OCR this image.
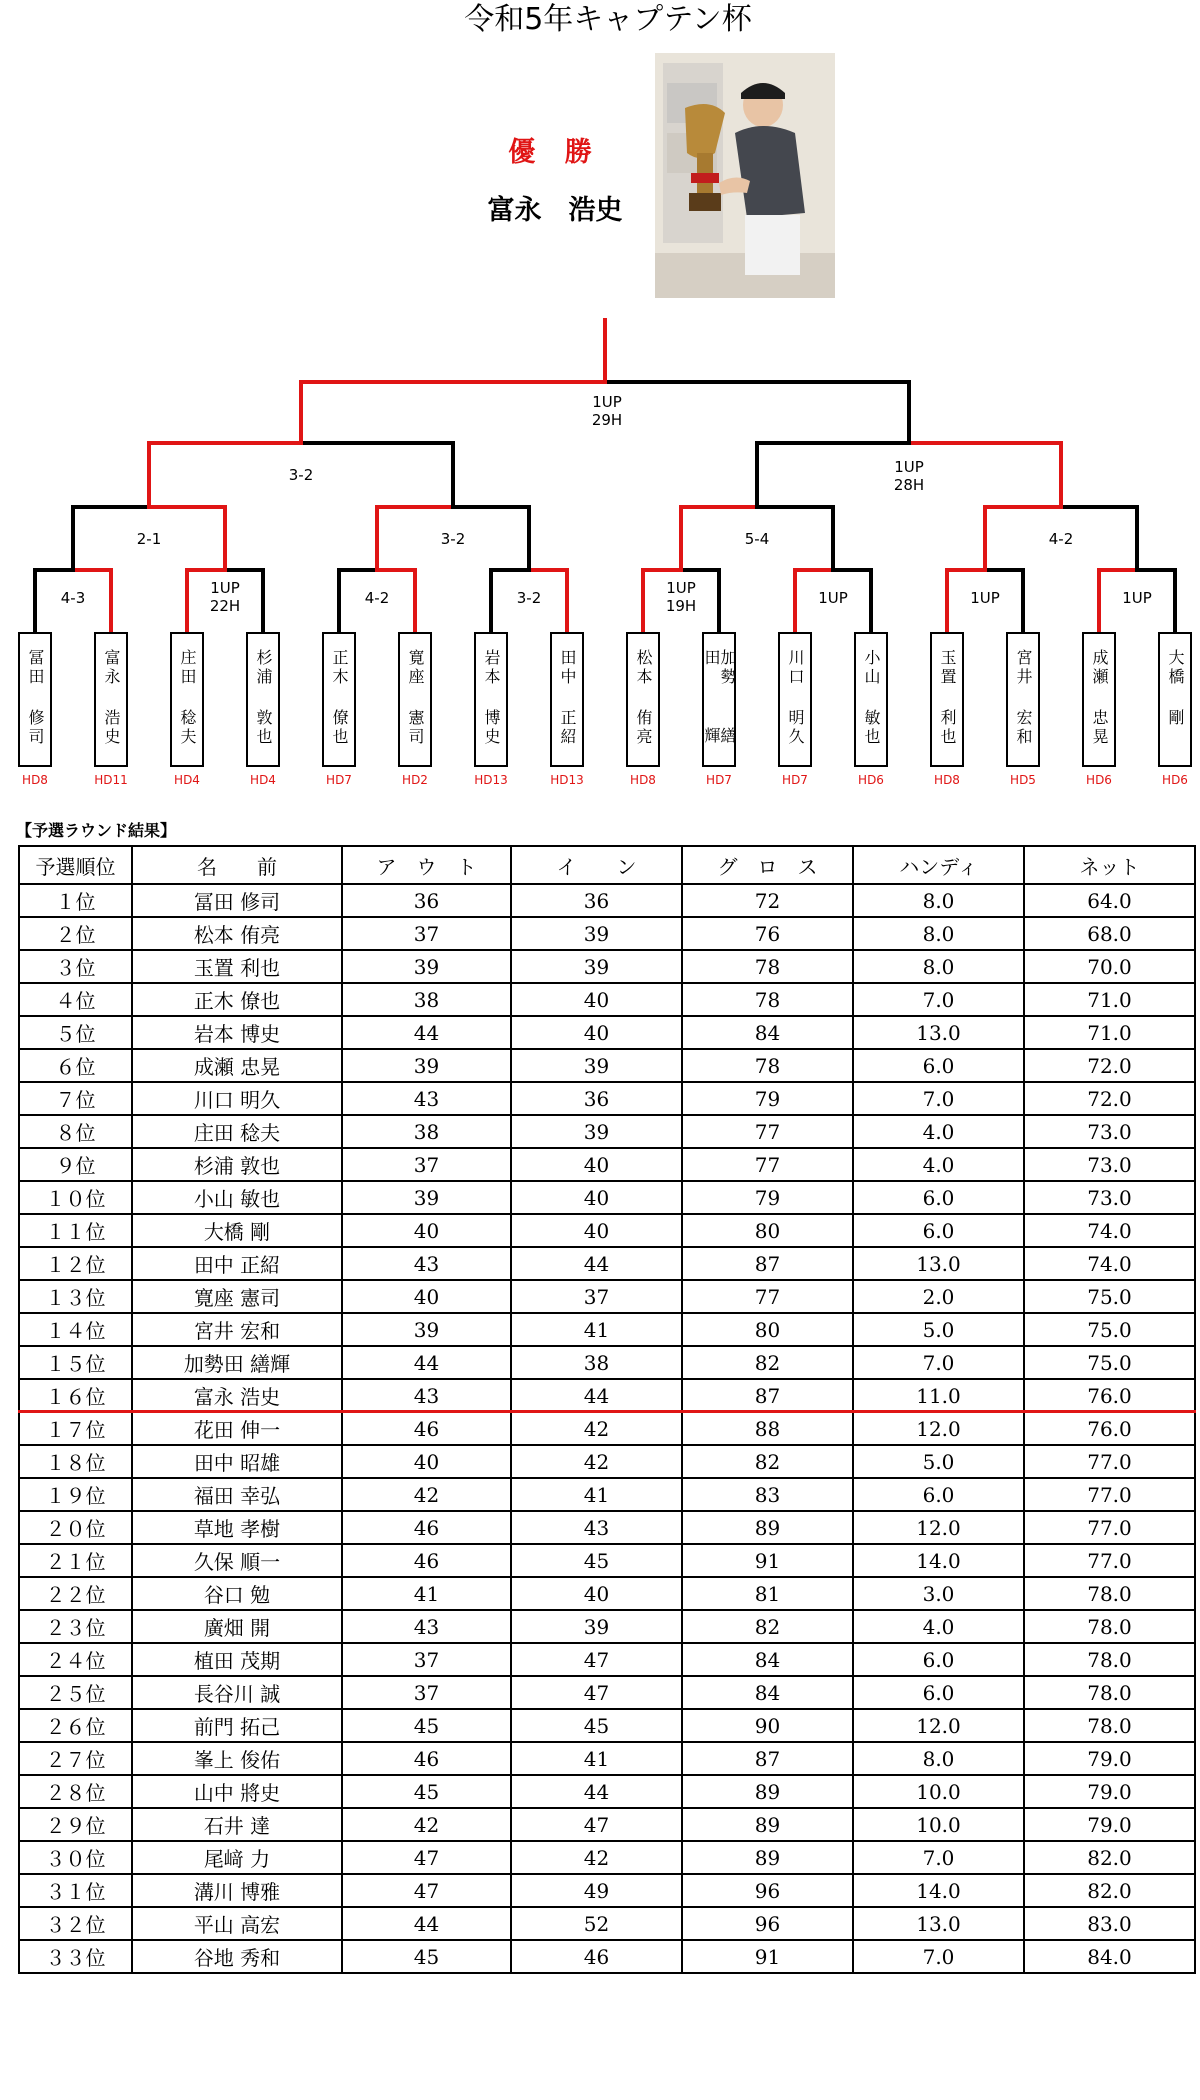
令和5年キャプテン杯
優 勝
富永　浩史
4-3
1UP 22H	4-2	3-2
1UP 19H	1UP	1UP	1UP
2-1	3-2	5-4	4-2
3-2	1UP 28H
1UP 29H
冨田
修司
HD8
富永
浩史
HD11
庄田
稔夫
HD4
杉浦
敦也
HD4
正木
僚也
HD7
寛座
憲司
HD2
岩本
博史
HD13
田中
正紹
HD13
松本
侑亮
HD8
加勢田
繕輝
HD7
川口
明久
HD7
小山
敏也
HD6
玉置
利也
HD8
宮井
宏和
HD5
成瀬
忠晃
HD6
大橋
剛
HD6
【予選ラウンド結果】
予選順位	名　　前	ア　ウ　ト	イ　　ン	グ　ロ　ス	ハンディ	ネット
１位	冨田 修司	36	36	72	8.0	64.0
２位	松本 侑亮	37	39	76	8.0	68.0
３位	玉置 利也	39	39	78	8.0	70.0
４位	正木 僚也	38	40	78	7.0	71.0
５位	岩本 博史	44	40	84	13.0	71.0
６位	成瀬 忠晃	39	39	78	6.0	72.0
７位	川口 明久	43	36	79	7.0	72.0
８位	庄田 稔夫	38	39	77	4.0	73.0
９位	杉浦 敦也	37	40	77	4.0	73.0
１０位	小山 敏也	39	40	79	6.0	73.0
１１位	大橋 剛	40	40	80	6.0	74.0
１２位	田中 正紹	43	44	87	13.0	74.0
１３位	寛座 憲司	40	37	77	2.0	75.0
１４位	宮井 宏和	39	41	80	5.0	75.0
１５位	加勢田 繕輝	44	38	82	7.0	75.0
１６位	富永 浩史	43	44	87	11.0	76.0
１７位	花田 伸一	46	42	88	12.0	76.0
１８位	田中 昭雄	40	42	82	5.0	77.0
１９位	福田 幸弘	42	41	83	6.0	77.0
２０位	草地 孝樹	46	43	89	12.0	77.0
２１位	久保 順一	46	45	91	14.0	77.0
２２位	谷口 勉	41	40	81	3.0	78.0
２３位	廣畑 開	43	39	82	4.0	78.0
２４位	植田 茂期	37	47	84	6.0	78.0
２５位	長谷川 誠	37	47	84	6.0	78.0
２６位	前門 拓己	45	45	90	12.0	78.0
２７位	峯上 俊佑	46	41	87	8.0	79.0
２８位	山中 將史	45	44	89	10.0	79.0
２９位	石井 達	42	47	89	10.0	79.0
３０位	尾﨑 力	47	42	89	7.0	82.0
３１位	溝川 博雅	47	49	96	14.0	82.0
３２位	平山 高宏	44	52	96	13.0	83.0
３３位	谷地 秀和	45	46	91	7.0	84.0
